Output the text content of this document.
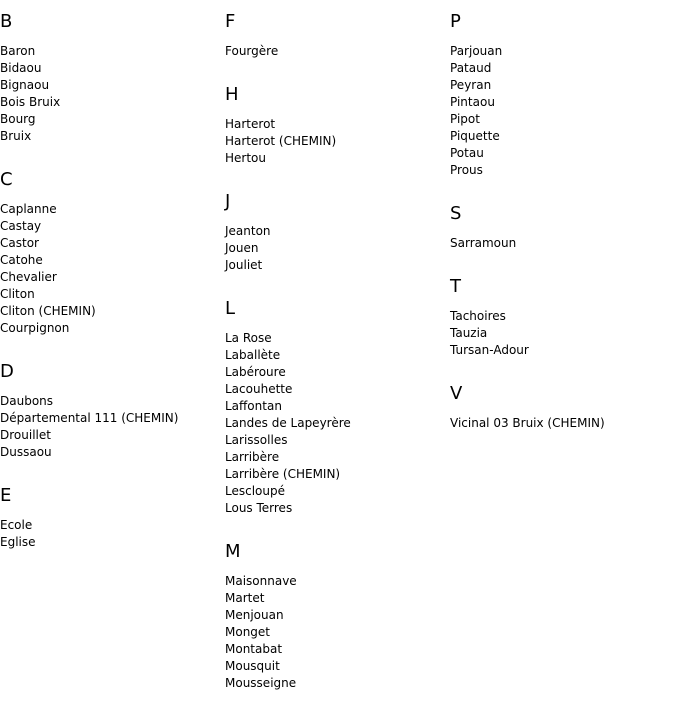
B
Baron
Bidaou
Bignaou
Bois Bruix
Bourg
Bruix
C
Caplanne
Castay
Castor
Catohe
Chevalier
Cliton
Cliton (CHEMIN)
Courpignon
D
Daubons
Départemental 111 (CHEMIN)
Drouillet
Dussaou
E
Ecole
Eglise
F
Fourgère
H
Harterot
Harterot (CHEMIN)
Hertou
J
Jeanton
Jouen
Jouliet
L
La Rose
Laballète
Labéroure
Lacouhette
Laffontan
Landes de Lapeyrère
Larissolles
Larribère
Larribère (CHEMIN)
Lescloupé
Lous Terres
M
Maisonnave
Martet
Menjouan
Monget
Montabat
Mousquit
Mousseigne
P
Parjouan
Pataud
Peyran
Pintaou
Pipot
Piquette
Potau
Prous
S
Sarramoun
T
Tachoires
Tauzia
Tursan-Adour
V
Vicinal 03 Bruix (CHEMIN)
